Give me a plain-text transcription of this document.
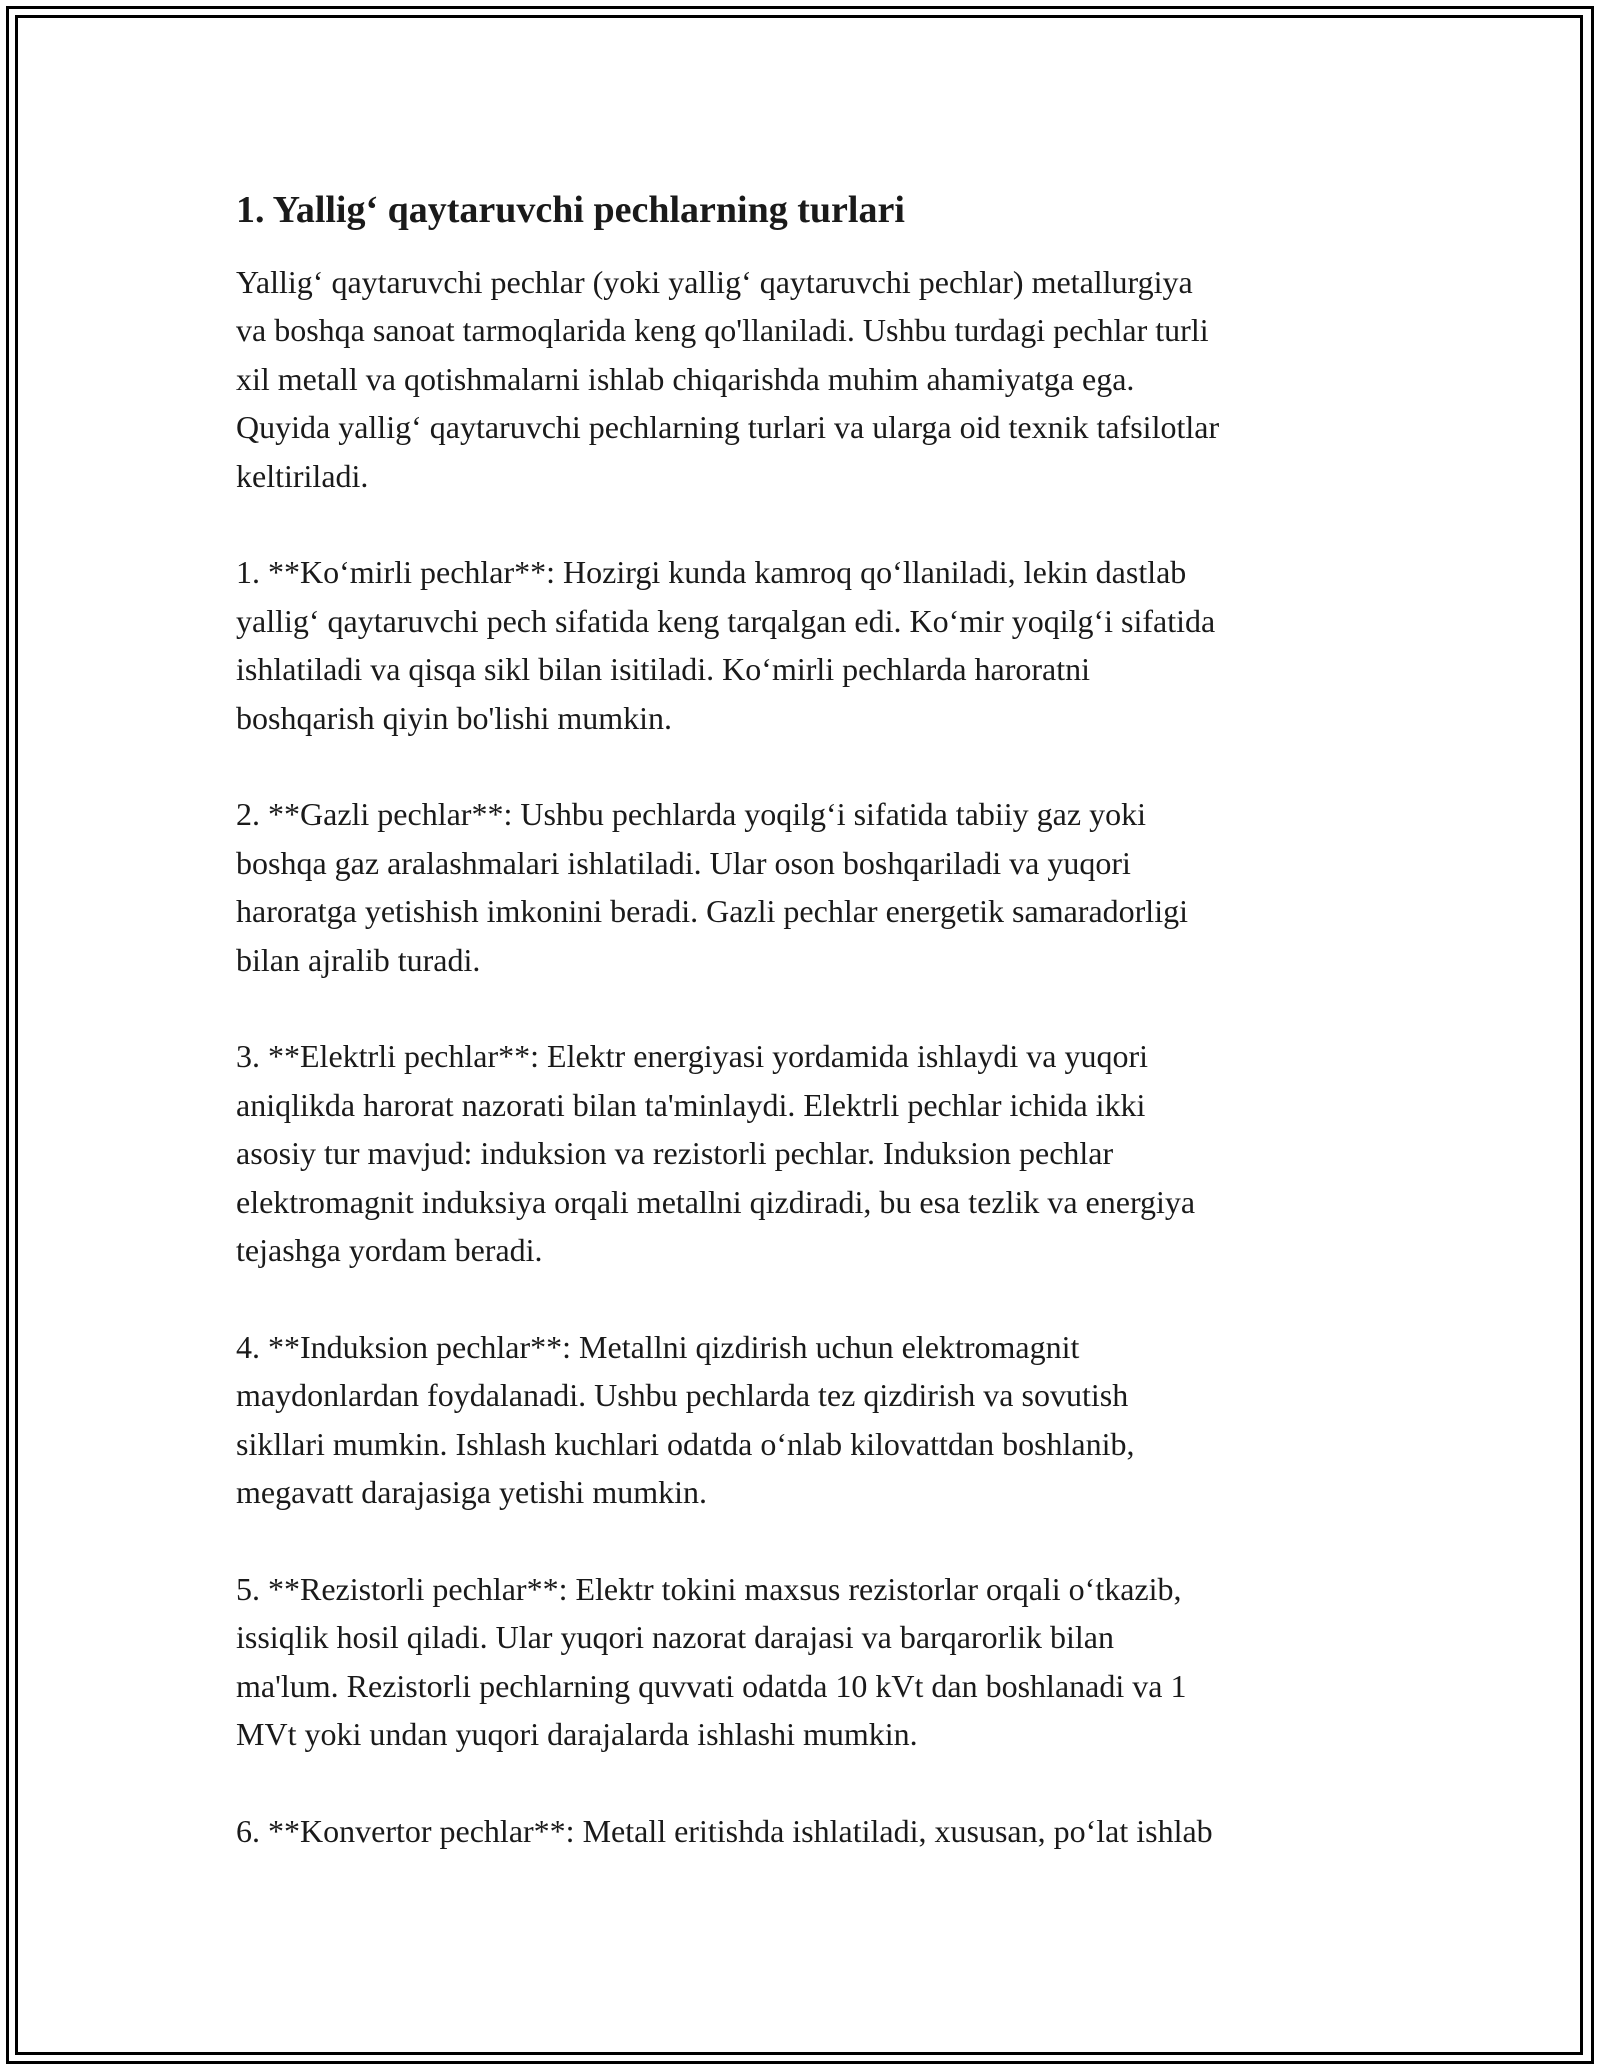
1. Yallig‘ qaytaruvchi pechlarning turlari

Yallig‘ qaytaruvchi pechlar (yoki yallig‘ qaytaruvchi pechlar) metallurgiya
va boshqa sanoat tarmoqlarida keng qo'llaniladi. Ushbu turdagi pechlar turli
xil metall va qotishmalarni ishlab chiqarishda muhim ahamiyatga ega.
Quyida yallig‘ qaytaruvchi pechlarning turlari va ularga oid texnik tafsilotlar
keltiriladi.

1. **Ko‘mirli pechlar**: Hozirgi kunda kamroq qo‘llaniladi, lekin dastlab
yallig‘ qaytaruvchi pech sifatida keng tarqalgan edi. Ko‘mir yoqilg‘i sifatida
ishlatiladi va qisqa sikl bilan isitiladi. Ko‘mirli pechlarda haroratni
boshqarish qiyin bo'lishi mumkin.

2. **Gazli pechlar**: Ushbu pechlarda yoqilg‘i sifatida tabiiy gaz yoki
boshqa gaz aralashmalari ishlatiladi. Ular oson boshqariladi va yuqori
haroratga yetishish imkonini beradi. Gazli pechlar energetik samaradorligi
bilan ajralib turadi.

3. **Elektrli pechlar**: Elektr energiyasi yordamida ishlaydi va yuqori
aniqlikda harorat nazorati bilan ta'minlaydi. Elektrli pechlar ichida ikki
asosiy tur mavjud: induksion va rezistorli pechlar. Induksion pechlar
elektromagnit induksiya orqali metallni qizdiradi, bu esa tezlik va energiya
tejashga yordam beradi.

4. **Induksion pechlar**: Metallni qizdirish uchun elektromagnit
maydonlardan foydalanadi. Ushbu pechlarda tez qizdirish va sovutish
sikllari mumkin. Ishlash kuchlari odatda o‘nlab kilovattdan boshlanib,
megavatt darajasiga yetishi mumkin.

5. **Rezistorli pechlar**: Elektr tokini maxsus rezistorlar orqali o‘tkazib,
issiqlik hosil qiladi. Ular yuqori nazorat darajasi va barqarorlik bilan
ma'lum. Rezistorli pechlarning quvvati odatda 10 kVt dan boshlanadi va 1
MVt yoki undan yuqori darajalarda ishlashi mumkin.

6. **Konvertor pechlar**: Metall eritishda ishlatiladi, xususan, po‘lat ishlab
